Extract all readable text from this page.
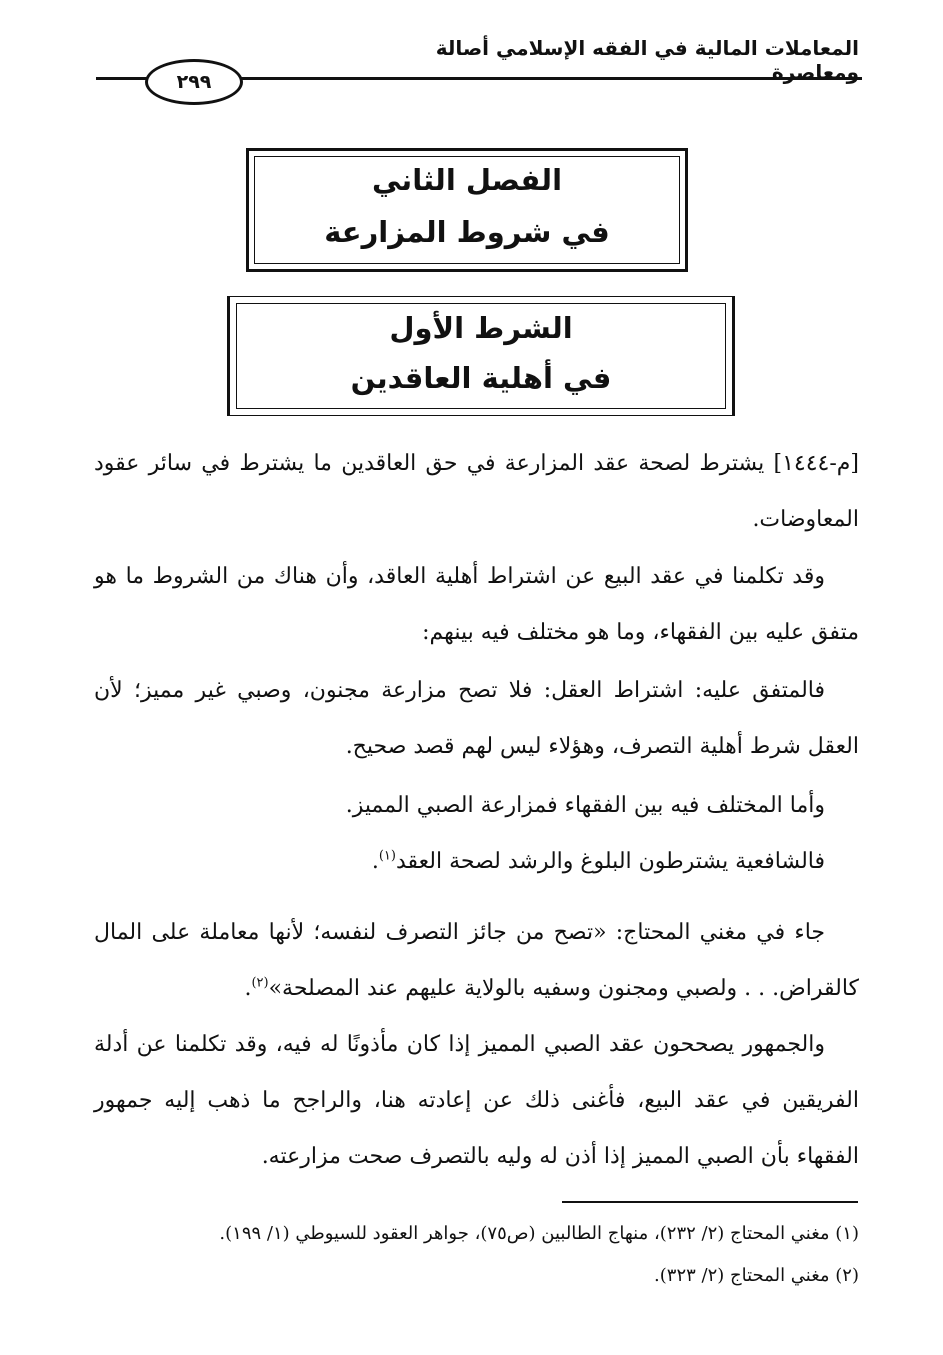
المعاملات المالية في الفقه الإسلامي أصالة ومعاصرة
٢٩٩
الفصل الثاني
في شروط المزارعة
الشرط الأول
في أهلية العاقدين
[م-١٤٤٤] يشترط لصحة عقد المزارعة في حق العاقدين ما يشترط في سائر عقود المعاوضات.
وقد تكلمنا في عقد البيع عن اشتراط أهلية العاقد، وأن هناك من الشروط ما هو متفق عليه بين الفقهاء، وما هو مختلف فيه بينهم:
فالمتفق عليه: اشتراط العقل: فلا تصح مزارعة مجنون، وصبي غير مميز؛ لأن العقل شرط أهلية التصرف، وهؤلاء ليس لهم قصد صحيح.
وأما المختلف فيه بين الفقهاء فمزارعة الصبي المميز.
فالشافعية يشترطون البلوغ والرشد لصحة العقد$^{(١)}$.
جاء في مغني المحتاج: «تصح من جائز التصرف لنفسه؛ لأنها معاملة على المال كالقراض. . . ولصبي ومجنون وسفيه بالولاية عليهم عند المصلحة»$^{(٢)}$.
والجمهور يصححون عقد الصبي المميز إذا كان مأذونًا له فيه، وقد تكلمنا عن أدلة الفريقين في عقد البيع، فأغنى ذلك عن إعادته هنا، والراجح ما ذهب إليه جمهور الفقهاء بأن الصبي المميز إذا أذن له وليه بالتصرف صحت مزارعته.
(١) مغني المحتاج (٢/ ٢٣٢)، منهاج الطالبين (ص٧٥)، جواهر العقود للسيوطي (١/ ١٩٩).
(٢) مغني المحتاج (٢/ ٣٢٣).
